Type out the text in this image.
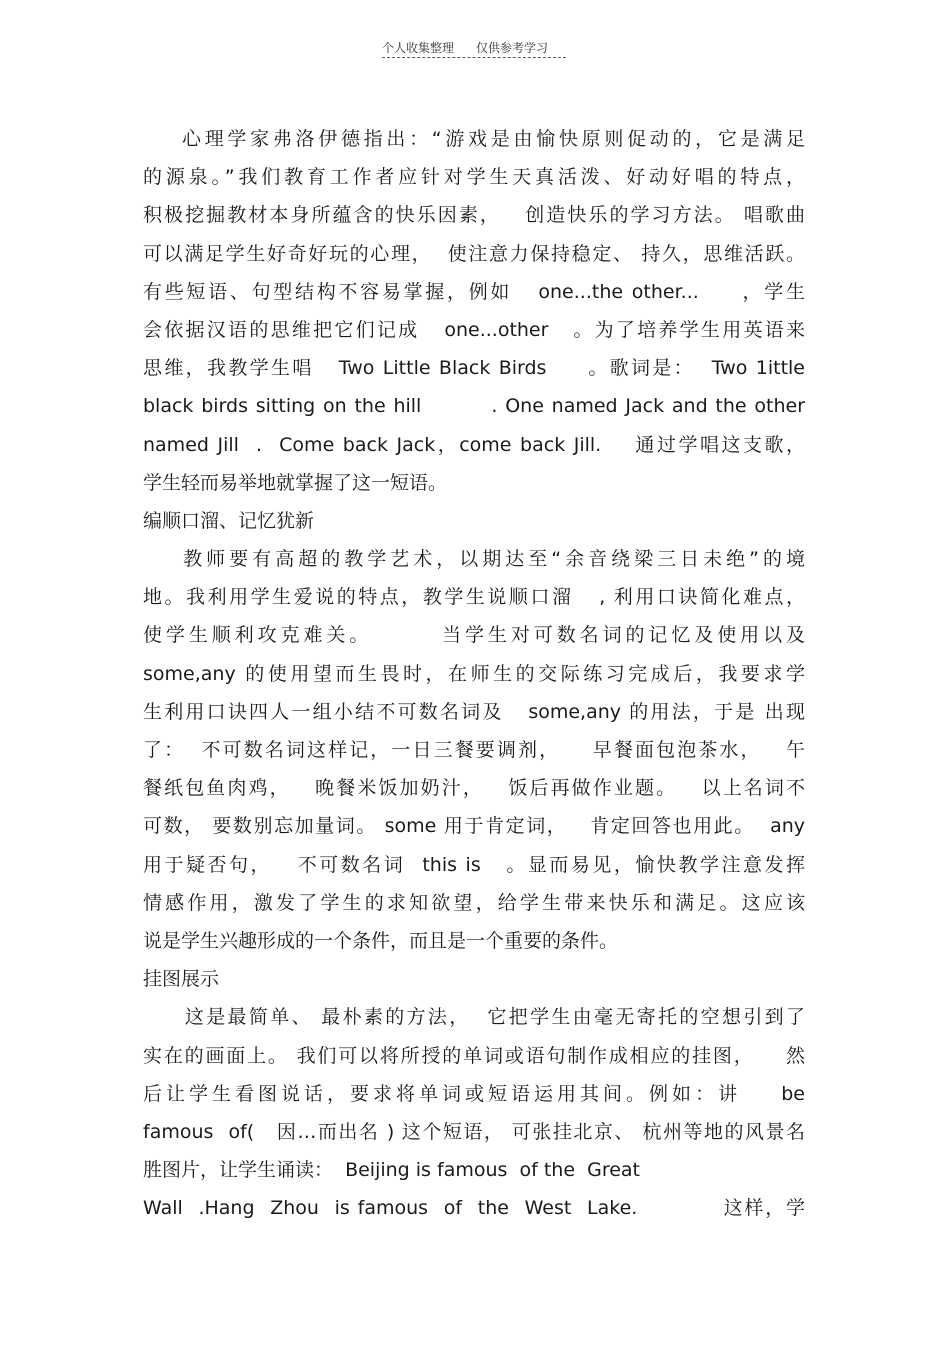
个人收集整理 仅供参考学习
心理学家弗洛伊德指出：“游戏是由愉快原则促动的，它是满足
的源泉。”我们教育工作者应针对学生天真活泼、好动好唱的特点，
积极挖掘教材本身所蕴含的快乐因素，   创造快乐的学习方法。 唱歌曲
可以满足学生好奇好玩的心理，  使注意力保持稳定、 持久，思维活跃。
有些短语、句型结构不容易掌握，例如   one...the other...     ，学生
会依据汉语的思维把它们记成   one...other   。为了培养学生用英语来
思维，我教学生唱   Two Little Black Birds     。歌词是：  Two 1ittle
black birds sitting on the hill         . One named Jack and the other
named Jill  .  Come back Jack，come back Jill.    通过学唱这支歌，
学生轻而易举地就掌握了这一短语。
编顺口溜、记忆犹新
教师要有高超的教学艺术，以期达至“余音绕梁三日未绝”的境
地。我利用学生爱说的特点，教学生说顺口溜   , 利用口诀简化难点，
使学生顺利攻克难关。       当学生对可数名词的记忆及使用以及
some,any 的使用望而生畏时，在师生的交际练习完成后，我要求学
生利用口诀四人一组小结不可数名词及   some,any 的用法，于是 出现
了：  不可数名词这样记，一日三餐要调剂，    早餐面包泡茶水，   午
餐纸包鱼肉鸡，   晚餐米饭加奶汁，   饭后再做作业题。   以上名词不
可数， 要数别忘加量词。 some 用于肯定词，   肯定回答也用此。  any
用于疑否句，   不可数名词  this is   。显而易见，愉快教学注意发挥
情感作用，激发了学生的求知欲望，给学生带来快乐和满足。这应该
说是学生兴趣形成的一个条件，而且是一个重要的条件。
挂图展示
这是最简单、 最朴素的方法，  它把学生由毫无寄托的空想引到了
实在的画面上。 我们可以将所授的单词或语句制作成相应的挂图，    然
后让学生看图说话，要求将单词或短语运用其间。例如：讲    be
famous  of(   因…而出名 ) 这个短语， 可张挂北京、 杭州等地的风景名
胜图片，让学生诵读：  Beijing is famous  of the  Great
Wall  .Hang  Zhou  is famous  of  the  West  Lake.           这样，学
